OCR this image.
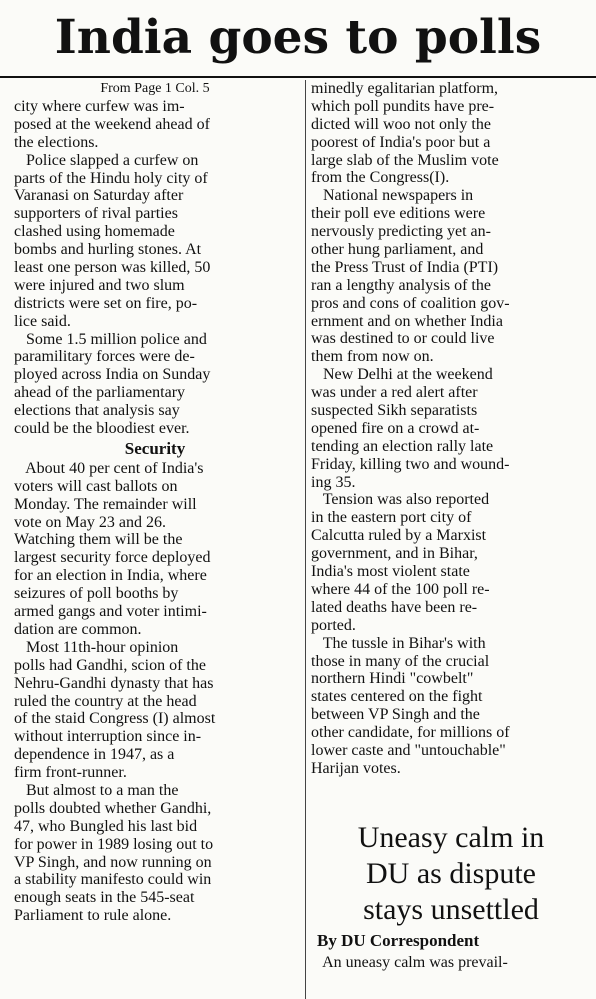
India goes to polls
From Page 1 Col. 5
city where curfew was im-
posed at the weekend ahead of
the elections.
Police slapped a curfew on
parts of the Hindu holy city of
Varanasi on Saturday after
supporters of rival parties
clashed using homemade
bombs and hurling stones. At
least one person was killed, 50
were injured and two slum
districts were set on fire, po-
lice said.
Some 1.5 million police and
paramilitary forces were de-
ployed across India on Sunday
ahead of the parliamentary
elections that analysis say
could be the bloodiest ever.
Security
About 40 per cent of India's
voters will cast ballots on
Monday. The remainder will
vote on May 23 and 26.
Watching them will be the
largest security force deployed
for an election in India, where
seizures of poll booths by
armed gangs and voter intimi-
dation are common.
Most 11th-hour opinion
polls had Gandhi, scion of the
Nehru-Gandhi dynasty that has
ruled the country at the head
of the staid Congress (I) almost
without interruption since in-
dependence in 1947, as a
firm front-runner.
But almost to a man the
polls doubted whether Gandhi,
47, who Bungled his last bid
for power in 1989 losing out to
VP Singh, and now running on
a stability manifesto could win
enough seats in the 545-seat
Parliament to rule alone.
minedly egalitarian platform,
which poll pundits have pre-
dicted will woo not only the
poorest of India's poor but a
large slab of the Muslim vote
from the Congress(I).
National newspapers in
their poll eve editions were
nervously predicting yet an-
other hung parliament, and
the Press Trust of India (PTI)
ran a lengthy analysis of the
pros and cons of coalition gov-
ernment and on whether India
was destined to or could live
them from now on.
New Delhi at the weekend
was under a red alert after
suspected Sikh separatists
opened fire on a crowd at-
tending an election rally late
Friday, killing two and wound-
ing 35.
Tension was also reported
in the eastern port city of
Calcutta ruled by a Marxist
government, and in Bihar,
India's most violent state
where 44 of the 100 poll re-
lated deaths have been re-
ported.
The tussle in Bihar's with
those in many of the crucial
northern Hindi "cowbelt"
states centered on the fight
between VP Singh and the
other candidate, for millions of
lower caste and "untouchable"
Harijan votes.
Uneasy calm in
DU as dispute
stays unsettled
By DU Correspondent
An uneasy calm was prevail-
